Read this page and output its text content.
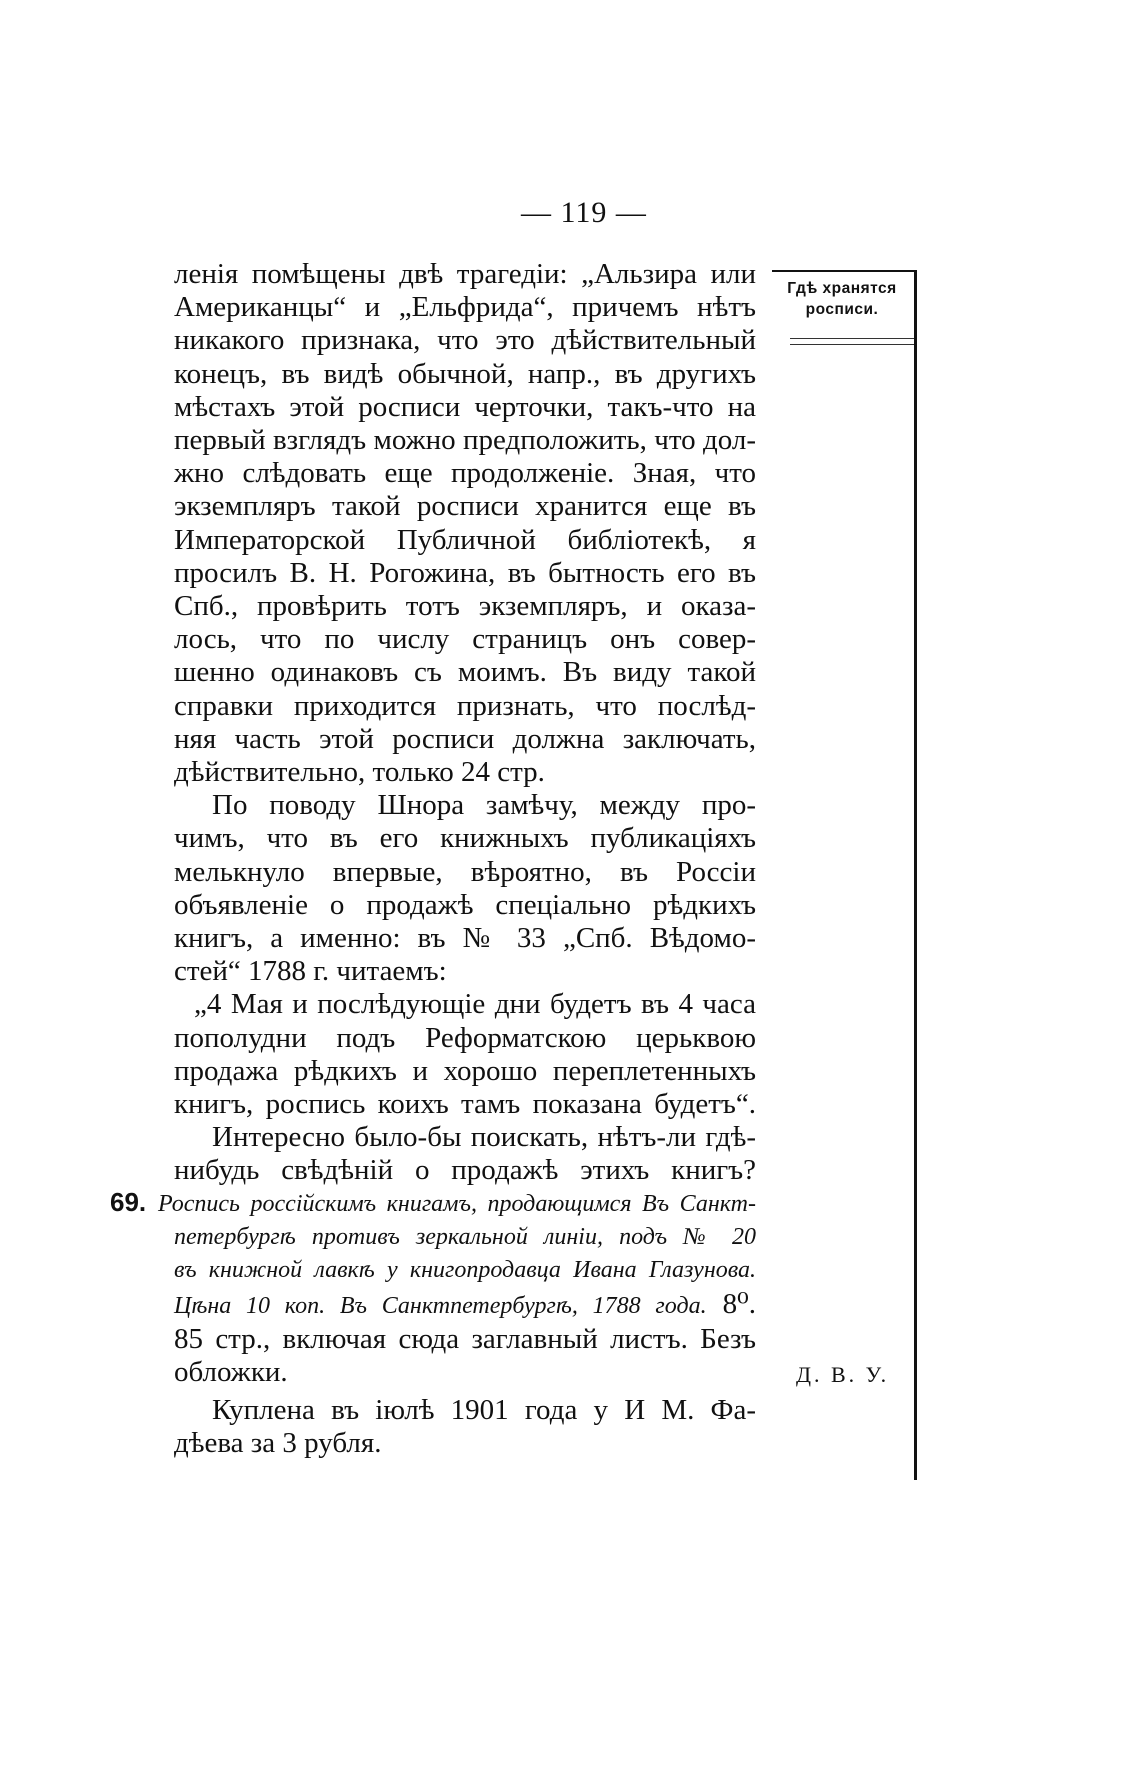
— 119 —
Гдѣ хранятся
росписи.

ленія помѣщены двѣ трагедіи: „Альзира или
Американцы“ и „Ельфрида“, причемъ нѣтъ
никакого признака, что это дѣйствительный
конецъ, въ видѣ обычной, напр., въ другихъ
мѣстахъ этой росписи черточки, такъ-что на
первый взглядъ можно предположить, что дол-
жно слѣдовать еще продолженіе. Зная, что
экземпляръ такой росписи хранится еще въ
Императорской Публичной библіотекѣ, я
просилъ В. Н. Рогожина, въ бытность его въ
Спб., провѣрить тотъ экземпляръ, и оказа-
лось, что по числу страницъ онъ совер-
шенно одинаковъ съ моимъ. Въ виду такой
справки приходится признать, что послѣд-
няя часть этой росписи должна заключать,
дѣйствительно, только 24 стр.

По поводу Шнора замѣчу, между про-
чимъ, что въ его книжныхъ публикаціяхъ
мелькнуло впервые, вѣроятно, въ Россіи
объявленіе о продажѣ спеціально рѣдкихъ
книгъ, а именно: въ № 33 „Спб. Вѣдомо-
стей“ 1788 г. читаемъ:

„4 Мая и послѣдующіе дни будетъ въ 4 часа
пополудни подъ Реформатскою церьквою
продажа рѣдкихъ и хорошо переплетенныхъ
книгъ, роспись коихъ тамъ показана будетъ“.

Интересно было-бы поискать, нѣтъ-ли гдѣ-
нибудь свѣдѣній о продажѣ этихъ книгъ?

69. Роспись россійскимъ книгамъ, продающимся Въ Санкт-
петербургѣ противъ зеркальной линіи, подъ № 20
въ книжной лавкѣ у книгопродавца Ивана Глазунова.
Цѣна 10 коп. Въ Санктпетербургѣ, 1788 года. 8⁰.
85 стр., включая сюда заглавный листъ. Безъ
обложки.	Д. В. У.
Куплена въ іюлѣ 1901 года у И М. Фа-
дѣева за 3 рубля.
